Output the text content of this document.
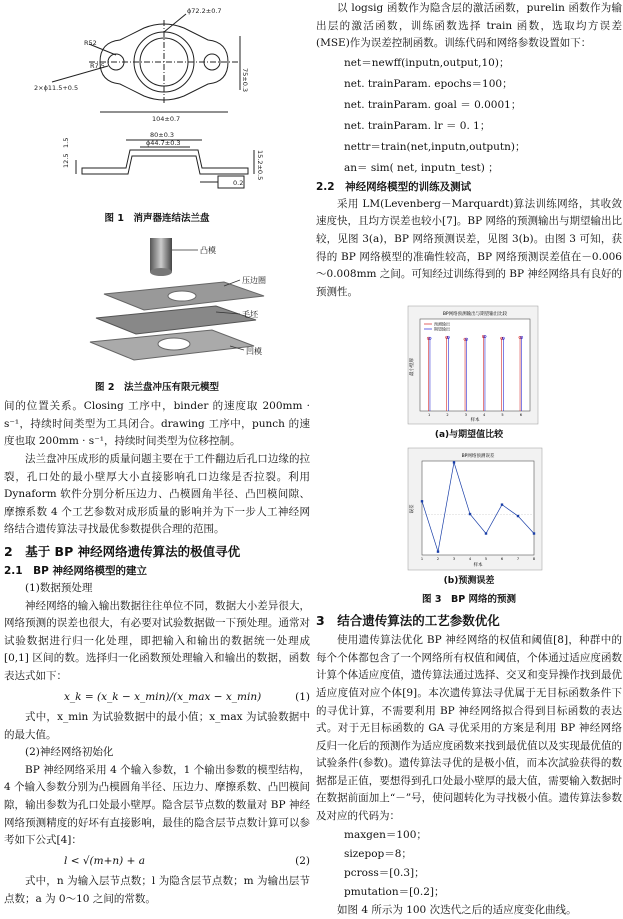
ϕ72.2±0.7
R52
R7.5
2×ϕ11.5+0.5	75±0.3
104±0.7
80±0.3
ϕ44.7±0.3
15.2±0.5
12.5
1.5
0.2

图 1　消声器连结法兰盘

凸模
压边圈
毛坯
凹模

图 2　法兰盘冲压有限元模型

间的位置关系。Closing 工序中，binder 的速度取 200mm · s⁻¹，持续时间类型为工具闭合。drawing 工序中，punch 的速度也取 200mm · s⁻¹，持续时间类型为位移控制。

法兰盘冲压成形的质量问题主要在于工件翻边后孔口边缘的拉裂，孔口处的最小壁厚大小直接影响孔口边缘是否拉裂。利用 Dynaform 软件分别分析压边力、凸模圆角半径、凸凹模间隙、摩擦系数 4 个工艺参数对成形质量的影响并为下一步人工神经网络结合遗传算法寻找最优参数提供合理的范围。

2　基于 BP 神经网络遗传算法的极值寻优
2.1　BP 神经网络模型的建立

(1)数据预处理

神经网络的输入输出数据往往单位不同，数据大小差异很大，网络预测的误差也很大，有必要对试验数据做一下预处理。通常对试验数据进行归一化处理，即把输入和输出的数据统一处理成 [0,1] 区间的数。选择归一化函数预处理输入和输出的数据，函数表达式如下：

x_k = (x_k − x_min)/(x_max − x_min)	(1)

式中，x_min 为试验数据中的最小值；x_max 为试验数据中的最大值。

(2)神经网络初始化

BP 神经网络采用 4 个输入参数，1 个输出参数的模型结构，4 个输入参数分别为凸模圆角半径、压边力、摩擦系数、凸凹模间隙，输出参数为孔口处最小壁厚。隐含层节点数的数量对 BP 神经网络预测精度的好坏有直接影响，最佳的隐含层节点数计算可以参考如下公式[4]：

l < √(m+n) + a	(2)

式中，n 为输入层节点数；l 为隐含层节点数；m 为输出层节点数；a 为 0～10 之间的常数。

以 logsig 函数作为隐含层的激活函数，purelin 函数作为输出层的激活函数，训练函数选择 train 函数，选取均方误差(MSE)作为误差控制函数。训练代码和网络参数设置如下：

net＝newff(inputn,output,10)；

net. trainParam. epochs＝100；

net. trainParam. goal ＝ 0.0001；

net. trainParam. lr ＝ 0. 1；

nettr＝train(net,inputn,outputn)；

an＝ sim( net, inputn_test) ；

2.2　神经网络模型的训练及测试

采用 LM(Levenberg－Marquardt)算法训练网络，其收敛速度快，且均方误差也较小[7]。BP 网络的预测输出与期望输出比较，见图 3(a)，BP 网络预测误差，见图 3(b)。由图 3 可知，获得的 BP 网络模型的准确性较高，BP 网络预测误差值在－0.006～0.008mm 之间。可知经过训练得到的 BP 神经网络具有良好的预测性。

BP网络预测输出与期望输出比较
最小壁厚
样本
预测输出
期望输出
1	2	3	4	5	6

(a)与期望值比较

BP网络预测误差
误差
样本
1	2	3	4	5	6	7	8

(b)预测误差

图 3　BP 网络的预测

3　结合遗传算法的工艺参数优化

使用遗传算法优化 BP 神经网络的权值和阈值[8]，种群中的每个个体都包含了一个网络所有权值和阈值，个体通过适应度函数计算个体适应度值，遗传算法通过选择、交叉和变异操作找到最优适应度值对应个体[9]。本次遗传算法寻优属于无目标函数条件下的寻优计算，不需要利用 BP 神经网络拟合得到目标函数的表达式。对于无目标函数的 GA 寻优采用的方案是利用 BP 神经网络反归一化后的预测作为适应度函数来找到最优值以及实现最优值的试验条件(参数)。遗传算法寻优的是极小值，而本次試验获得的数据都是正值，要想得到孔口处最小壁厚的最大值，需要输入数据时在数据前面加上“－”号，使问题转化为寻找极小值。遗传算法参数及对应的代码为：

maxgen＝100；

sizepop＝8；

pcross＝[0.3]；

pmutation＝[0.2]；

如图 4 所示为 100 次迭代之后的适应度变化曲线。
